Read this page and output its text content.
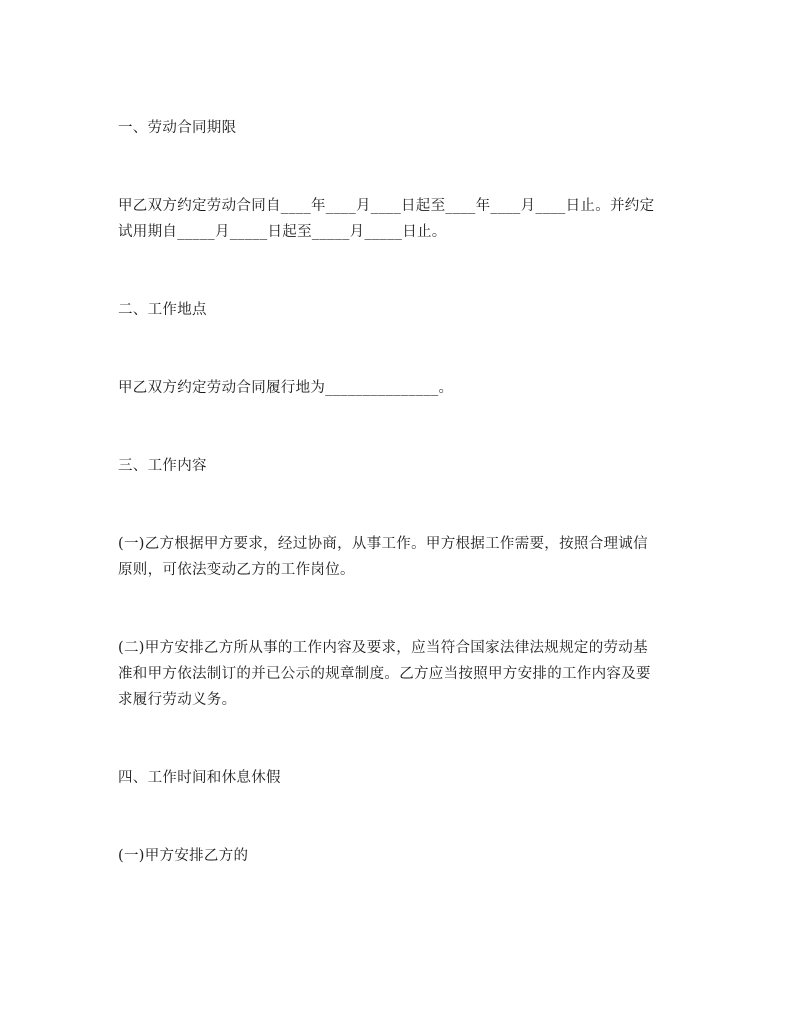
一、劳动合同期限
甲乙双方约定劳动合同自____年____月____日起至____年____月____日止。并约定
试用期自_____月_____日起至_____月_____日止。
二、工作地点
甲乙双方约定劳动合同履行地为_______________。
三、工作内容
(一)乙方根据甲方要求，经过协商，从事工作。甲方根据工作需要，按照合理诚信
原则，可依法变动乙方的工作岗位。
(二)甲方安排乙方所从事的工作内容及要求，应当符合国家法律法规规定的劳动基
准和甲方依法制订的并已公示的规章制度。乙方应当按照甲方安排的工作内容及要
求履行劳动义务。
四、工作时间和休息休假
(一)甲方安排乙方的
